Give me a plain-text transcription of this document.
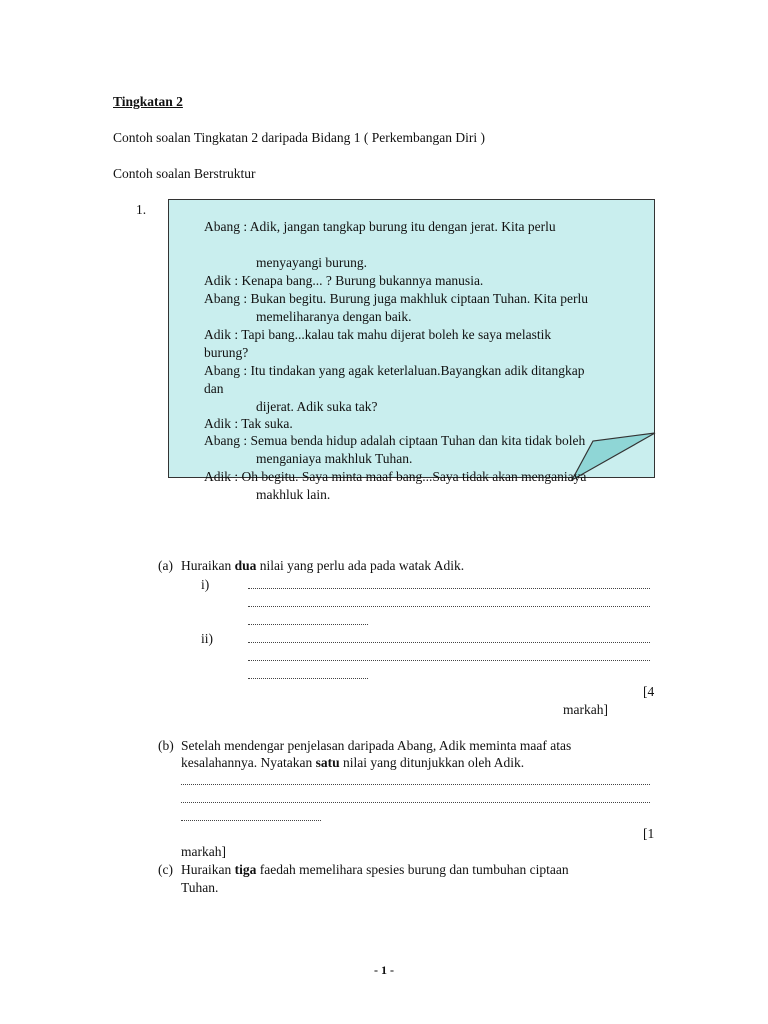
Tingkatan 2
Contoh soalan Tingkatan 2 daripada Bidang 1 ( Perkembangan Diri )
Contoh soalan Berstruktur
1.
Abang : Adik, jangan tangkap burung itu dengan jerat. Kita perlu
menyayangi burung.
Adik : Kenapa bang... ? Burung bukannya manusia.
Abang : Bukan begitu. Burung juga makhluk ciptaan Tuhan. Kita perlu
memeliharanya dengan baik.
Adik : Tapi bang...kalau tak mahu dijerat boleh ke saya melastik
burung?
Abang : Itu tindakan yang agak keterlaluan.Bayangkan adik ditangkap
dan
dijerat. Adik suka tak?
Adik : Tak suka.
Abang : Semua benda hidup adalah ciptaan Tuhan dan kita tidak boleh
menganiaya makhluk Tuhan.
Adik : Oh begitu. Saya minta maaf bang...Saya tidak akan menganiaya
makhluk lain.
(a) Huraikan dua nilai yang perlu ada pada watak Adik.
i)
ii)
[4
markah]
(b) Setelah mendengar penjelasan daripada Abang, Adik meminta maaf atas
kesalahannya. Nyatakan satu nilai yang ditunjukkan oleh Adik.
[1
markah]
(c) Huraikan tiga faedah memelihara spesies burung dan tumbuhan ciptaan
Tuhan.
- 1 -
